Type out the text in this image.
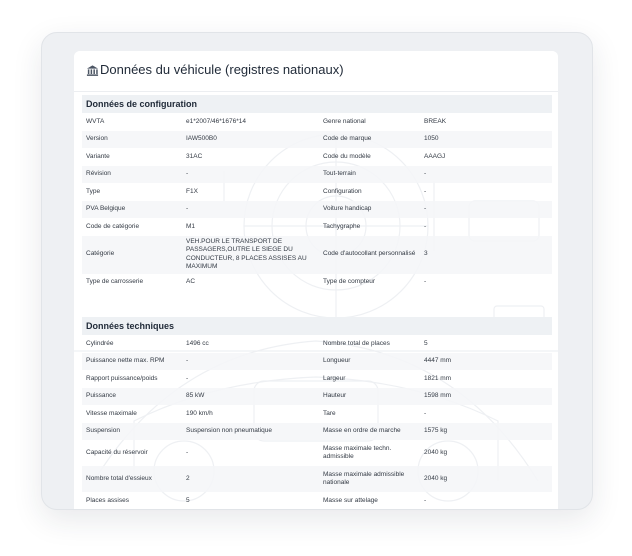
Données du véhicule (registres nationaux)
Données de configuration
WVTA	e1*2007/46*1676*14	Genre national	BREAK
Version	IAW500B0	Code de marque	1050
Variante	31AC	Code du modèle	AAAGJ
Révision	-	Tout-terrain	-
Type	F1X	Configuration	-
PVA Belgique	-	Voiture handicap	-
Code de catégorie	M1	Tachygraphe	-
Catégorie	VEH.POUR LE TRANSPORT DE PASSAGERS,OUTRE LE SIEGE DU CONDUCTEUR, 8 PLACES ASSISES AU MAXIMUM	Code d'autocollant personnalisé	3
Type de carrosserie	AC	Type de compteur	-
Données techniques
Cylindrée	1496 cc	Nombre total de places	5
Puissance nette max. RPM	-	Longueur	4447 mm
Rapport puissance/poids	-	Largeur	1821 mm
Puissance	85 kW	Hauteur	1598 mm
Vitesse maximale	190 km/h	Tare	-
Suspension	Suspension non pneumatique	Masse en ordre de marche	1575 kg
Capacité du réservoir	-	Masse maximale techn. admissible	2040 kg
Nombre total d'essieux	2	Masse maximale admissible nationale	2040 kg
Places assises	5	Masse sur attelage	-
